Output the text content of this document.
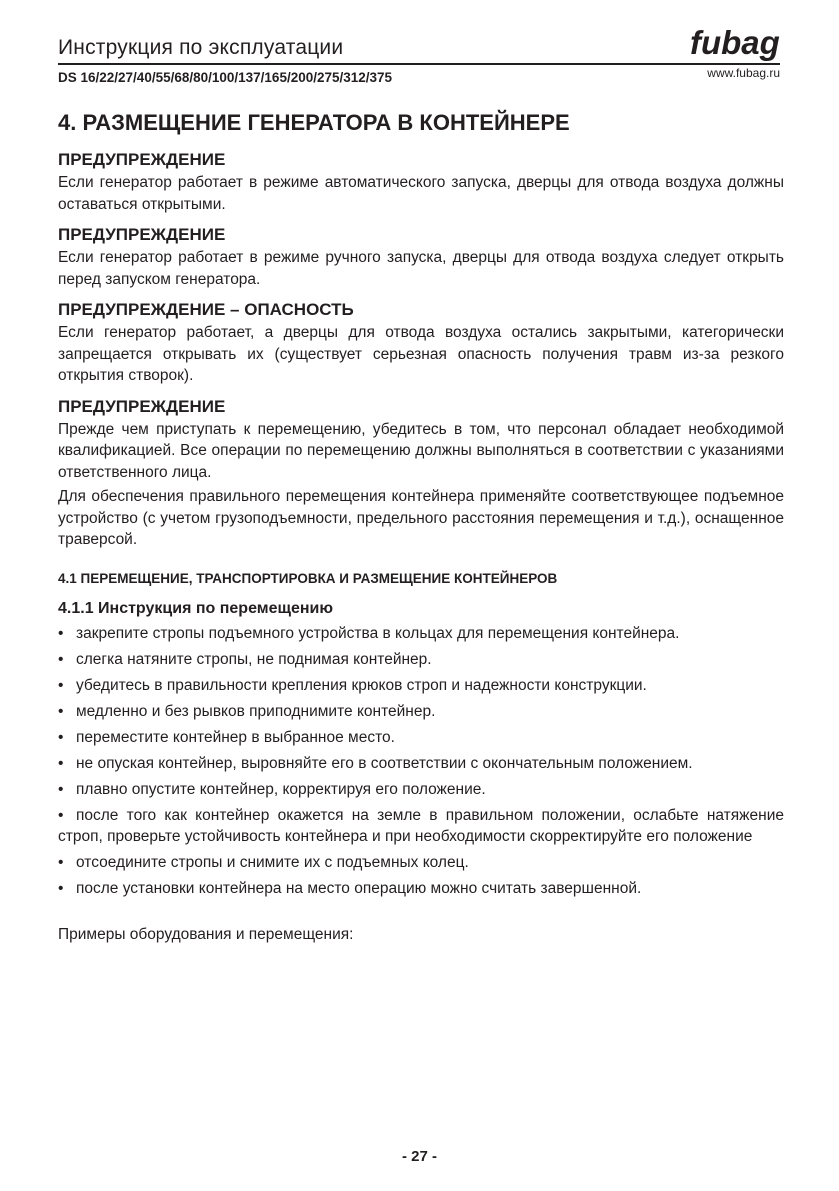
Инструкция по эксплуатации
DS 16/22/27/40/55/68/80/100/137/165/200/275/312/375
fubag
www.fubag.ru
4. РАЗМЕЩЕНИЕ ГЕНЕРАТОРА В КОНТЕЙНЕРЕ
ПРЕДУПРЕЖДЕНИЕ

Если генератор работает в режиме автоматического запуска, дверцы для отвода воздуха должны оставаться открытыми.

ПРЕДУПРЕЖДЕНИЕ

Если генератор работает в режиме ручного запуска, дверцы для отвода воздуха следует открыть перед запуском генератора.

ПРЕДУПРЕЖДЕНИЕ – ОПАСНОСТЬ

Если генератор работает, а дверцы для отвода воздуха остались закрытыми, категорически запрещается открывать их (существует серьезная опасность получения травм из-за резкого открытия створок).

ПРЕДУПРЕЖДЕНИЕ

Прежде чем приступать к перемещению, убедитесь в том, что персонал обладает необходимой квалификацией. Все операции по перемещению должны выполняться в соответствии с указаниями ответственного лица.

Для обеспечения правильного перемещения контейнера применяйте соответствующее подъемное устройство (с учетом грузоподъемности, предельного расстояния перемещения и т.д.), оснащенное траверсой.

4.1 ПЕРЕМЕЩЕНИЕ, ТРАНСПОРТИРОВКА И РАЗМЕЩЕНИЕ КОНТЕЙНЕРОВ
4.1.1 Инструкция по перемещению
• закрепите стропы подъемного устройства в кольцах для перемещения контейнера.
• слегка натяните стропы, не поднимая контейнер.
• убедитесь в правильности крепления крюков строп и надежности конструкции.
• медленно и без рывков приподнимите контейнер.
• переместите контейнер в выбранное место.
• не опуская контейнер, выровняйте его в соответствии с окончательным положением.
• плавно опустите контейнер, корректируя его положение.
• после того как контейнер окажется на земле в правильном положении, ослабьте натяжение строп, проверьте устойчивость контейнера и при необходимости скорректируйте его положение
• отсоедините стропы и снимите их с подъемных колец.
• после установки контейнера на место операцию можно считать завершенной.
Примеры оборудования и перемещения:
- 27 -
